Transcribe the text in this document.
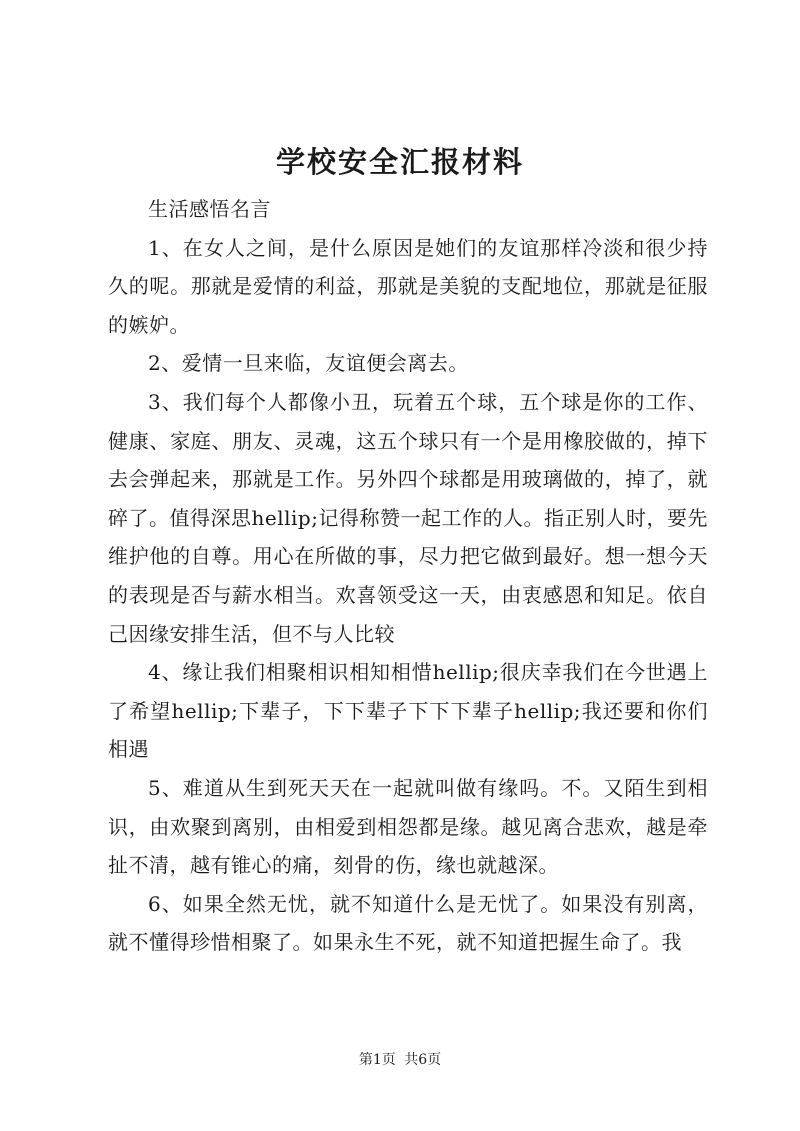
学校安全汇报材料

生活感悟名言

1、在女人之间，是什么原因是她们的友谊那样冷淡和很少持久的呢。那就是爱情的利益，那就是美貌的支配地位，那就是征服的嫉妒。

2、爱情一旦来临，友谊便会离去。

3、我们每个人都像小丑，玩着五个球，五个球是你的工作、健康、家庭、朋友、灵魂，这五个球只有一个是用橡胶做的，掉下去会弹起来，那就是工作。另外四个球都是用玻璃做的，掉了，就碎了。值得深思hellip;记得称赞一起工作的人。指正别人时，要先维护他的自尊。用心在所做的事，尽力把它做到最好。想一想今天的表现是否与薪水相当。欢喜领受这一天，由衷感恩和知足。依自己因缘安排生活，但不与人比较

4、缘让我们相聚相识相知相惜hellip;很庆幸我们在今世遇上了希望hellip;下辈子，下下辈子下下下辈子hellip;我还要和你们相遇

5、难道从生到死天天在一起就叫做有缘吗。不。又陌生到相识，由欢聚到离别，由相爱到相怨都是缘。越见离合悲欢，越是牵扯不清，越有锥心的痛，刻骨的伤，缘也就越深。

6、如果全然无忧，就不知道什么是无忧了。如果没有别离，就不懂得珍惜相聚了。如果永生不死，就不知道把握生命了。我

第1页 共6页
